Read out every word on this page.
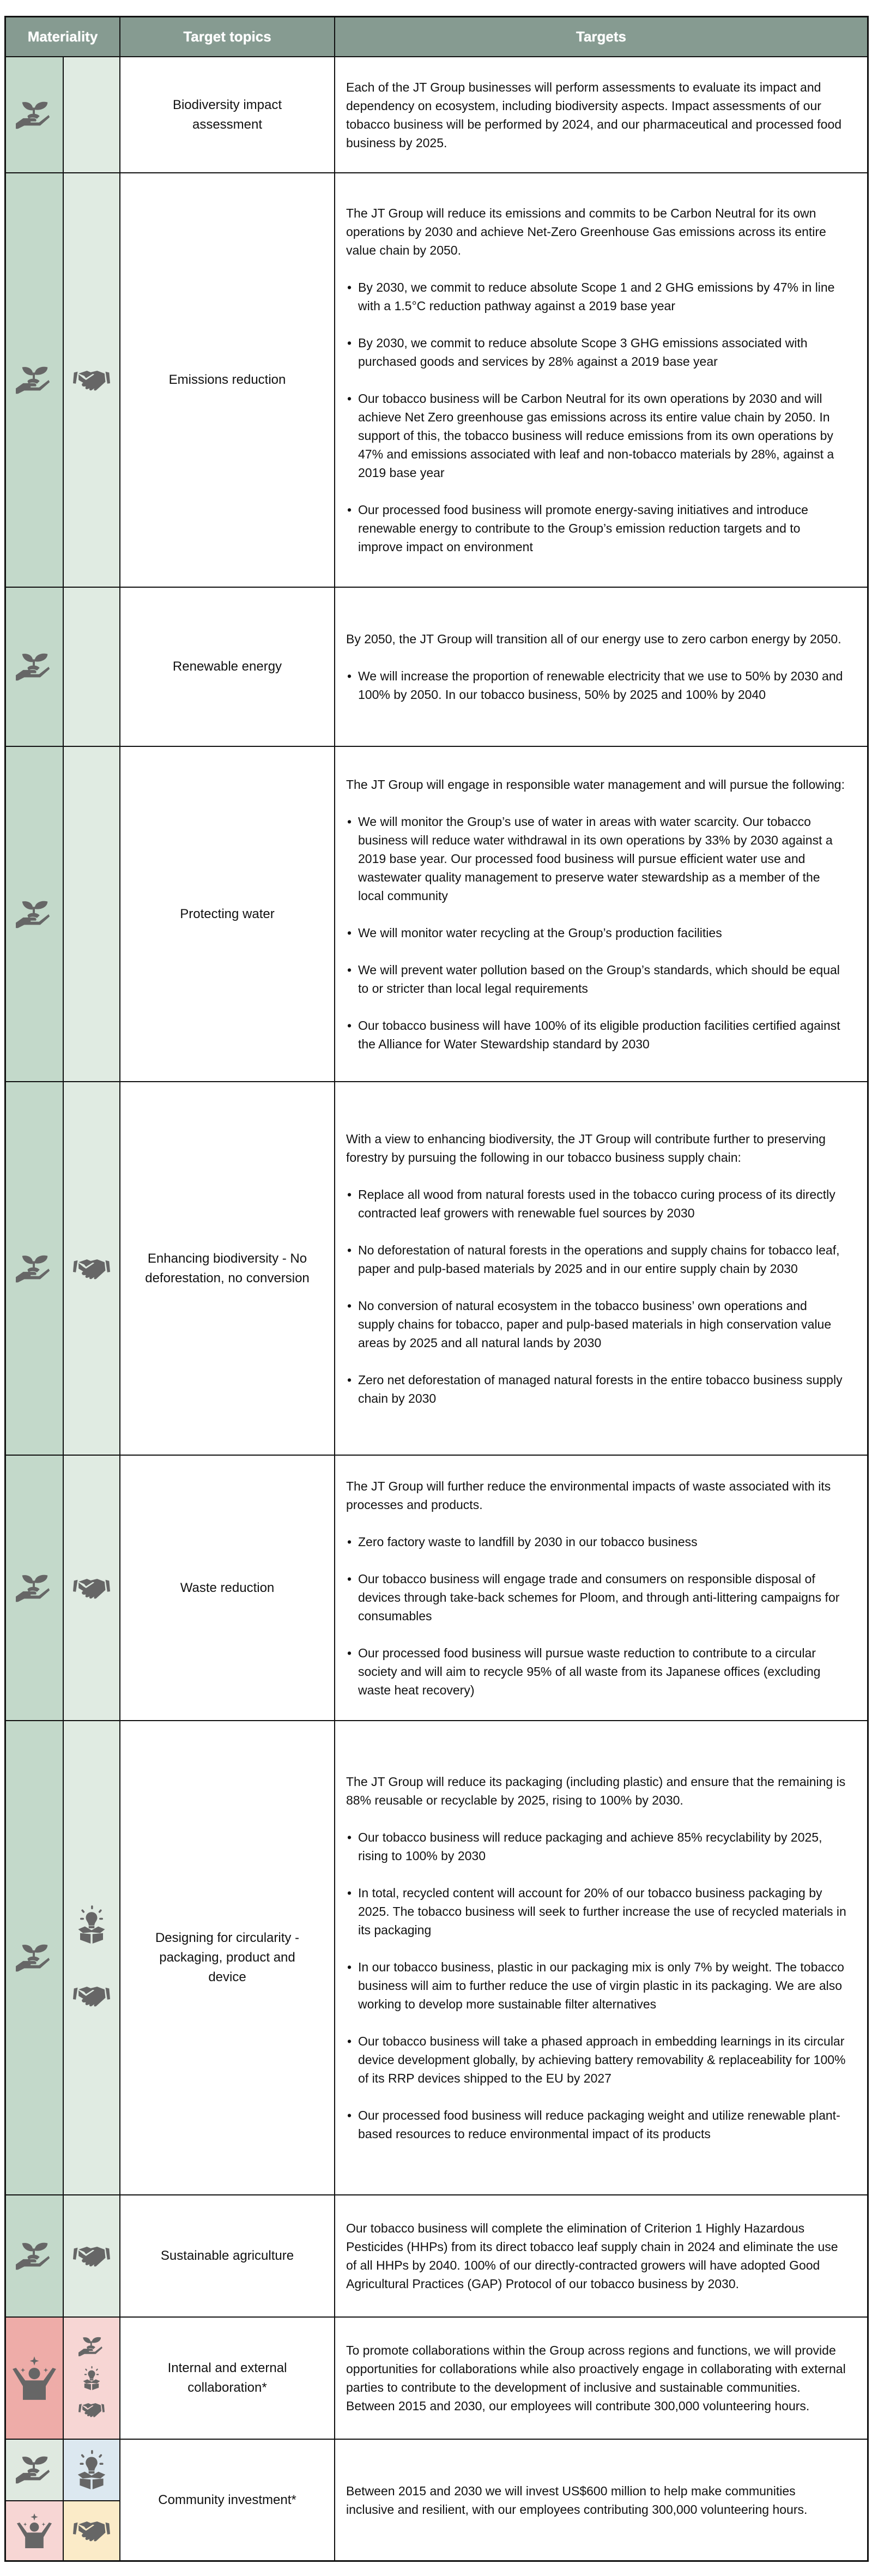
Materiality	Target topics	Targets
Biodiversity impact assessment

Each of the JT Group businesses will perform assessments to evaluate its impact and dependency on ecosystem, including biodiversity aspects. Impact assessments of our tobacco business will be performed by 2024, and our pharmaceutical and processed food business by 2025.

Emissions reduction

The JT Group will reduce its emissions and commits to be Carbon Neutral for its own operations by 2030 and achieve Net-Zero Greenhouse Gas emissions across its entire value chain by 2050.

• By 2030, we commit to reduce absolute Scope 1 and 2 GHG emissions by 47% in line with a 1.5°C reduction pathway against a 2019 base year
• By 2030, we commit to reduce absolute Scope 3 GHG emissions associated with purchased goods and services by 28% against a 2019 base year
• Our tobacco business will be Carbon Neutral for its own operations by 2030 and will achieve Net Zero greenhouse gas emissions across its entire value chain by 2050. In support of this, the tobacco business will reduce emissions from its own operations by 47% and emissions associated with leaf and non-tobacco materials by 28%, against a 2019 base year
• Our processed food business will promote energy-saving initiatives and introduce renewable energy to contribute to the Group’s emission reduction targets and to improve impact on environment
Renewable energy

By 2050, the JT Group will transition all of our energy use to zero carbon energy by 2050.

• We will increase the proportion of renewable electricity that we use to 50% by 2030 and 100% by 2050. In our tobacco business, 50% by 2025 and 100% by 2040
Protecting water

The JT Group will engage in responsible water management and will pursue the following:

• We will monitor the Group’s use of water in areas with water scarcity. Our tobacco business will reduce water withdrawal in its own operations by 33% by 2030 against a 2019 base year. Our processed food business will pursue efficient water use and wastewater quality management to preserve water stewardship as a member of the local community
• We will monitor water recycling at the Group’s production facilities
• We will prevent water pollution based on the Group’s standards, which should be equal to or stricter than local legal requirements
• Our tobacco business will have 100% of its eligible production facilities certified against the Alliance for Water Stewardship standard by 2030
Enhancing biodiversity - No deforestation, no conversion

With a view to enhancing biodiversity, the JT Group will contribute further to preserving forestry by pursuing the following in our tobacco business supply chain:

• Replace all wood from natural forests used in the tobacco curing process of its directly contracted leaf growers with renewable fuel sources by 2030
• No deforestation of natural forests in the operations and supply chains for tobacco leaf, paper and pulp-based materials by 2025 and in our entire supply chain by 2030
• No conversion of natural ecosystem in the tobacco business’ own operations and supply chains for tobacco, paper and pulp-based materials in high conservation value areas by 2025 and all natural lands by 2030
• Zero net deforestation of managed natural forests in the entire tobacco business supply chain by 2030
Waste reduction

The JT Group will further reduce the environmental impacts of waste associated with its processes and products.

• Zero factory waste to landfill by 2030 in our tobacco business
• Our tobacco business will engage trade and consumers on responsible disposal of devices through take-back schemes for Ploom, and through anti-littering campaigns for consumables
• Our processed food business will pursue waste reduction to contribute to a circular society and will aim to recycle 95% of all waste from its Japanese offices (excluding waste heat recovery)
Designing for circularity - packaging, product and device

The JT Group will reduce its packaging (including plastic) and ensure that the remaining is 88% reusable or recyclable by 2025, rising to 100% by 2030.

• Our tobacco business will reduce packaging and achieve 85% recyclability by 2025, rising to 100% by 2030
• In total, recycled content will account for 20% of our tobacco business packaging by 2025. The tobacco business will seek to further increase the use of recycled materials in its packaging
• In our tobacco business, plastic in our packaging mix is only 7% by weight. The tobacco business will aim to further reduce the use of virgin plastic in its packaging. We are also working to develop more sustainable filter alternatives
• Our tobacco business will take a phased approach in embedding learnings in its circular device development globally, by achieving battery removability & replaceability for 100% of its RRP devices shipped to the EU by 2027
• Our processed food business will reduce packaging weight and utilize renewable plant-based resources to reduce environmental impact of its products
Sustainable agriculture

Our tobacco business will complete the elimination of Criterion 1 Highly Hazardous Pesticides (HHPs) from its direct tobacco leaf supply chain in 2024 and eliminate the use of all HHPs by 2040. 100% of our directly-contracted growers will have adopted Good Agricultural Practices (GAP) Protocol of our tobacco business by 2030.

Internal and external collaboration*

To promote collaborations within the Group across regions and functions, we will provide opportunities for collaborations while also proactively engage in collaborating with external parties to contribute to the development of inclusive and sustainable communities. Between 2015 and 2030, our employees will contribute 300,000 volunteering hours.

Community investment*

Between 2015 and 2030 we will invest US$600 million to help make communities inclusive and resilient, with our employees contributing 300,000 volunteering hours.
